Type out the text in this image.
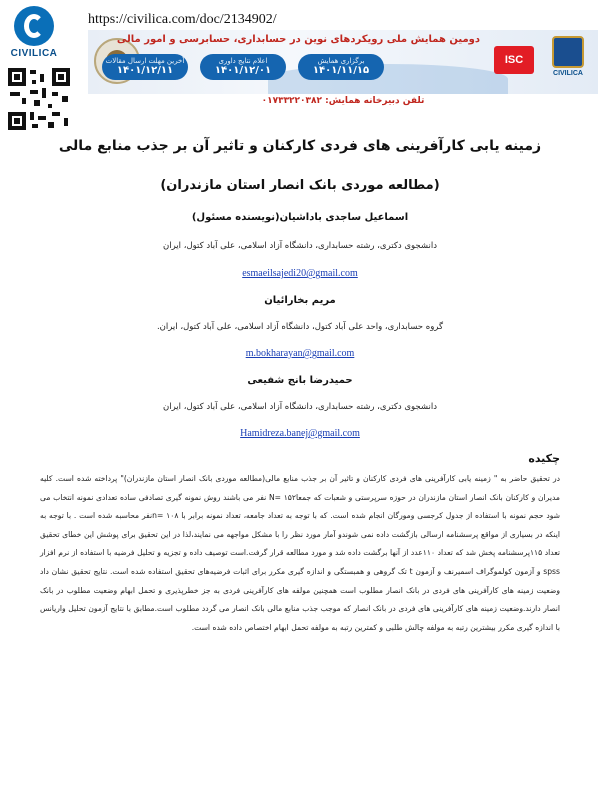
CIVILICA
https://civilica.com/doc/2134902/
دومین همایش ملی رویکردهای نوین در حسابداری، حسابرسی و امور مالی
آخرین مهلت ارسال مقالات
۱۴۰۱/۱۲/۱۱
اعلام نتایج داوری
۱۴۰۱/۱۲/۰۱
برگزاری همایش
۱۴۰۱/۱۱/۱۵
ISC
CIVILICA
تلفن دبیرخانه همایش: ۰۱۷۳۳۲۲۰۳۸۲
زمینه یابی کارآفرینی های فردی کارکنان و تاثیر آن بر جذب منابع مالی
(مطالعه موردی بانک انصار استان مازندران)
اسماعیل ساجدی باداشیان(نویسنده مسئول)
دانشجوی دکتری، رشته حسابداری، دانشگاه آزاد اسلامی، علی آباد کتول، ایران
esmaeilsajedi20@gmail.com
مریم بخارائیان
گروه حسابداری، واحد علی آباد کتول، دانشگاه آزاد اسلامی، علی آباد کتول، ایران.
m.bokharayan@gmail.com
حمیدرضا بانج شفیعی
دانشجوی دکتری، رشته حسابداری، دانشگاه آزاد اسلامی، علی آباد کتول، ایران
Hamidreza.banej@gmail.com
چکیده
در تحقیق حاضر به " زمینه یابی کارآفرینی های فردی کارکنان و تاثیر آن بر جذب منابع مالی(مطالعه موردی بانک انصار استان مازندران)" پرداخته شده است. کلیه مدیران و کارکنان بانک انصار استان مازندران در حوزه سرپرستی و شعبات که جمعا۱۵۲ =N نفر می باشند روش نمونه گیری تصادفی ساده تعدادی نمونه انتخاب می شود حجم نمونه با استفاده از جدول کرجسی ومورگان انجام شده است. که با توجه به تعداد جامعه، تعداد نمونه برابر با ۱۰۸ =nنفر محاسبه شده است . با توجه به اینکه در بسیاری از مواقع پرسشنامه ارسالی بازگشت داده نمی شوندو آمار مورد نظر را با مشکل مواجهه می نمایند،لذا در این تحقیق برای پوشش این خطای تحقیق تعداد ۱۱۵پرسشنامه پخش شد که تعداد ۱۱۰عدد از آنها برگشت داده شد و مورد مطالعه قرار گرفت.است توصیف داده و تجزیه و تحلیل فرضیه با استفاده از نرم افزار spss و آزمون کولموگراف اسمیرنف و آزمون t تک گروهی و همبستگی و اندازه گیری مکرر برای اثبات فرضیه‌های تحقیق استفاده شده است. نتایج تحقیق نشان داد وضعیت زمینه های کارآفرینی های فردی در بانک انصار مطلوب است همچنین مولفه های کارآفرینی فردی به جز خطرپذیری و تحمل ابهام وضعیت مطلوب در بانک انصار دارند.وضعیت زمینه های کارآفرینی های فردی در بانک انصار که موجب جذب منابع مالی بانک انصار می گردد مطلوب است.مطابق با نتایج آزمون تحلیل واریانس با اندازه گیری مکرر بیشترین رتبه به مولفه چالش طلبی و کمترین رتبه به مولفه تحمل ابهام اختصاص داده شده است.
